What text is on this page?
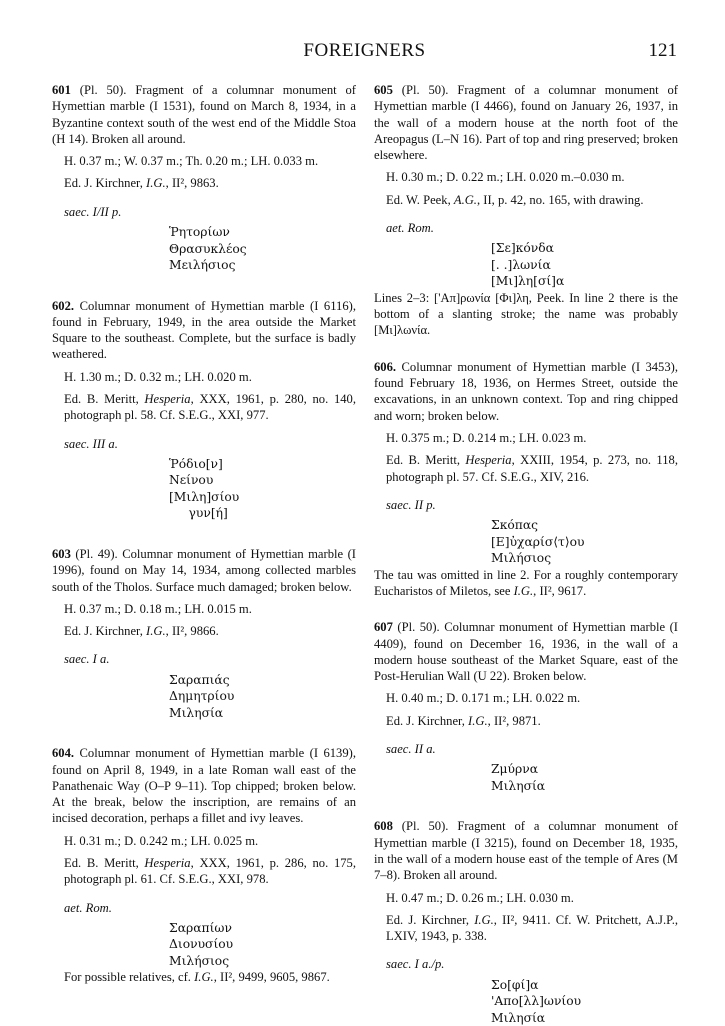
FOREIGNERS	121

601 (Pl. 50). Fragment of a columnar monument of Hymettian marble (I 1531), found on March 8, 1934, in a Byzantine context south of the west end of the Middle Stoa (H 14). Broken all around.

H. 0.37 m.; W. 0.37 m.; Th. 0.20 m.; LH. 0.033 m.
Ed. J. Kirchner, I.G., II², 9863.
saec. I/II p.
Ῥητορίων
Θρασυκλέος
Μειλήσιος

602. Columnar monument of Hymettian marble (I 6116), found in February, 1949, in the area outside the Market Square to the southeast. Complete, but the surface is badly weathered.

H. 1.30 m.; D. 0.32 m.; LH. 0.020 m.
Ed. B. Meritt, Hesperia, XXX, 1961, p. 280, no. 140, photograph pl. 58. Cf. S.E.G., XXI, 977.
saec. III a.
Ῥόδιο[ν]
Νείνου
[Μιλη]σίου
γυν[ή]

603 (Pl. 49). Columnar monument of Hymettian marble (I 1996), found on May 14, 1934, among collected marbles south of the Tholos. Surface much damaged; broken below.

H. 0.37 m.; D. 0.18 m.; LH. 0.015 m.
Ed. J. Kirchner, I.G., II², 9866.
saec. I a.
Σαραπιάς
Δημητρίου
Μιλησία

604. Columnar monument of Hymettian marble (I 6139), found on April 8, 1949, in a late Roman wall east of the Panathenaic Way (O–P 9–11). Top chipped; broken below. At the break, below the inscription, are remains of an incised decoration, perhaps a fillet and ivy leaves.

H. 0.31 m.; D. 0.242 m.; LH. 0.025 m.
Ed. B. Meritt, Hesperia, XXX, 1961, p. 286, no. 175, photograph pl. 61. Cf. S.E.G., XXI, 978.
aet. Rom.
Σαραπίων
Διονυσίου
Μιλήσιος

For possible relatives, cf. I.G., II², 9499, 9605, 9867.

605 (Pl. 50). Fragment of a columnar monument of Hymettian marble (I 4466), found on January 26, 1937, in the wall of a modern house at the north foot of the Areopagus (L–N 16). Part of top and ring preserved; broken elsewhere.

H. 0.30 m.; D. 0.22 m.; LH. 0.020 m.–0.030 m.
Ed. W. Peek, A.G., II, p. 42, no. 165, with drawing.
aet. Rom.
[Σε]κόνδα
[. .]λωνία
[Μι]λη[σί]α

Lines 2–3: ['Απ]ρωνία [Φι]λη, Peek. In line 2 there is the bottom of a slanting stroke; the name was probably [Μι]λωνία.

606. Columnar monument of Hymettian marble (I 3453), found February 18, 1936, on Hermes Street, outside the excavations, in an unknown context. Top and ring chipped and worn; broken below.

H. 0.375 m.; D. 0.214 m.; LH. 0.023 m.
Ed. B. Meritt, Hesperia, XXIII, 1954, p. 273, no. 118, photograph pl. 57. Cf. S.E.G., XIV, 216.
saec. II p.
Σκόπας
[Ε]ὐχαρίσ⟨τ⟩ου
Μιλήσιος

The tau was omitted in line 2. For a roughly contemporary Eucharistos of Miletos, see I.G., II², 9617.

607 (Pl. 50). Columnar monument of Hymettian marble (I 4409), found on December 16, 1936, in the wall of a modern house southeast of the Market Square, east of the Post-Herulian Wall (U 22). Broken below.

H. 0.40 m.; D. 0.171 m.; LH. 0.022 m.
Ed. J. Kirchner, I.G., II², 9871.
saec. II a.
Ζμύρνα
Μιλησία

608 (Pl. 50). Fragment of a columnar monument of Hymettian marble (I 3215), found on December 18, 1935, in the wall of a modern house east of the temple of Ares (M 7–8). Broken all around.

H. 0.47 m.; D. 0.26 m.; LH. 0.030 m.
Ed. J. Kirchner, I.G., II², 9411. Cf. W. Pritchett, A.J.P., LXIV, 1943, p. 338.
saec. I a./p.
Σο[φί]α
'Απο[λλ]ωνίου
Μιλησία
